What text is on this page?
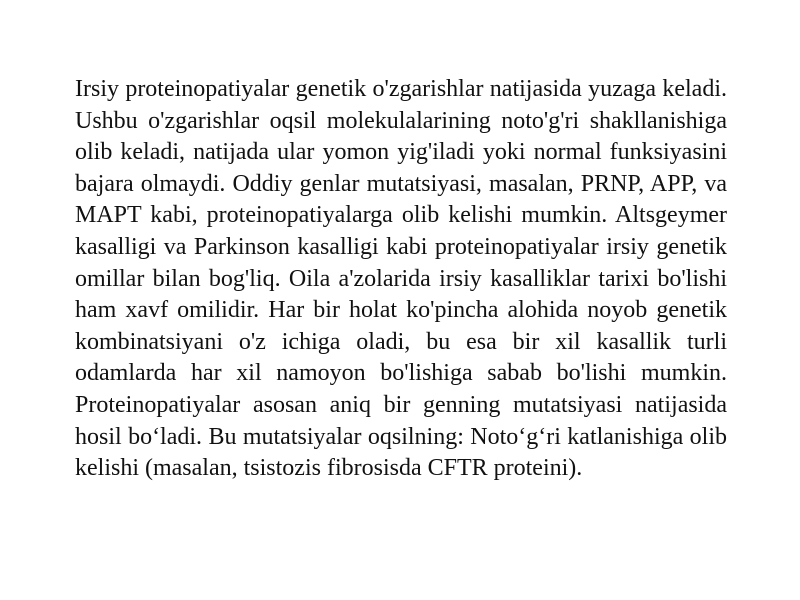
Irsiy proteinopatiyalar genetik o'zgarishlar natijasida yuzaga keladi. Ushbu o'zgarishlar oqsil molekulalarining noto'g'ri shakllanishiga olib keladi, natijada ular yomon yig'iladi yoki normal funksiyasini bajara olmaydi. Oddiy genlar mutatsiyasi, masalan, PRNP, APP, va MAPT kabi, proteinopatiyalarga olib kelishi mumkin. Altsgeymer kasalligi va Parkinson kasalligi kabi proteinopatiyalar irsiy genetik omillar bilan bog'liq. Oila a'zolarida irsiy kasalliklar tarixi bo'lishi ham xavf omilidir. Har bir holat ko'pincha alohida noyob genetik kombinatsiyani o'z ichiga oladi, bu esa bir xil kasallik turli odamlarda har xil namoyon bo'lishiga sabab bo'lishi mumkin. Proteinopatiyalar asosan aniq bir genning mutatsiyasi natijasida hosil bo‘ladi. Bu mutatsiyalar oqsilning: Noto‘g‘ri katlanishiga olib kelishi (masalan, tsistozis fibrosisda CFTR proteini).
